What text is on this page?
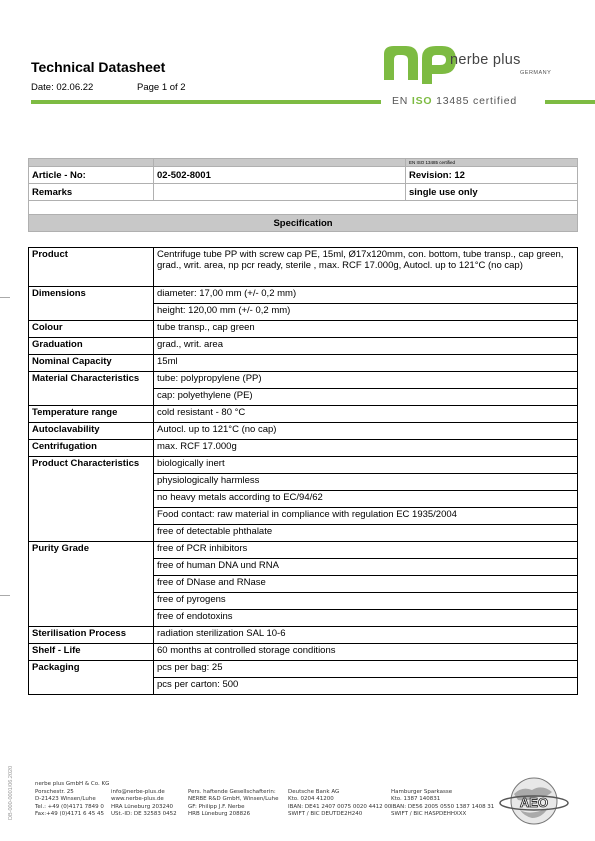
Technical Datasheet
Date: 02.06.22	Page 1 of 2
nerbe plus
GERMANY
EN ISO 13485 certified
		EN ISO 13485 certified
Article - No:	02-502-8001	Revision: 12
Remarks		single use only

Specification		
Product	Centrifuge tube PP with screw cap PE, 15ml, Ø17x120mm, con. bottom, tube transp., cap green, grad., writ. area, np pcr ready, sterile , max. RCF 17.000g, Autocl. up to 121°C (no cap)
Dimensions	diameter: 17,00 mm (+/- 0,2 mm)
	height: 120,00 mm (+/- 0,2 mm)
Colour	tube transp., cap green
Graduation	grad., writ. area
Nominal Capacity	15ml
Material Characteristics	tube: polypropylene (PP)
	cap: polyethylene (PE)
Temperature range	cold resistant - 80 °C
Autoclavability	Autocl. up to 121°C (no cap)
Centrifugation	max. RCF 17.000g
Product Characteristics	biologically inert
	physiologically harmless
	no heavy metals according to EC/94/62
	Food contact: raw material in compliance with regulation EC 1935/2004
	free of detectable phthalate
Purity Grade	free of PCR inhibitors
	free of human DNA und RNA
	free of DNase and RNase
	free of pyrogens
	free of endotoxins
Sterilisation Process	radiation sterilization SAL 10-6
Shelf - Life	60 months at controlled storage conditions
Packaging	pcs per bag: 25
	pcs per carton: 500
DB-000-0001/06.2020	nerbe plus GmbH & Co. KG
Porschestr. 25
D-21423 Winsen/Luhe
Tel.: +49 (0)4171 7849 0
Fax:+49 (0)4171 6 45 45

info@nerbe-plus.de
www.nerbe-plus.de
HRA Lüneburg 203240
USt.-ID: DE 32583 0452

Pers. haftende Gesellschafterin:
NERBE R&D GmbH, Winsen/Luhe
GF: Philipp J.F. Nerbe
HRB Lüneburg 208826

Deutsche Bank AG
Kto. 0204 41200
IBAN: DE41 2407 0075 0020 4412 00
SWIFT / BIC DEUTDE2H240

Hamburger Sparkasse
Kto. 1387 140831
IBAN: DE56 2005 0550 1387 1408 31
SWIFT / BIC HASPDEHHXXX
AEO
